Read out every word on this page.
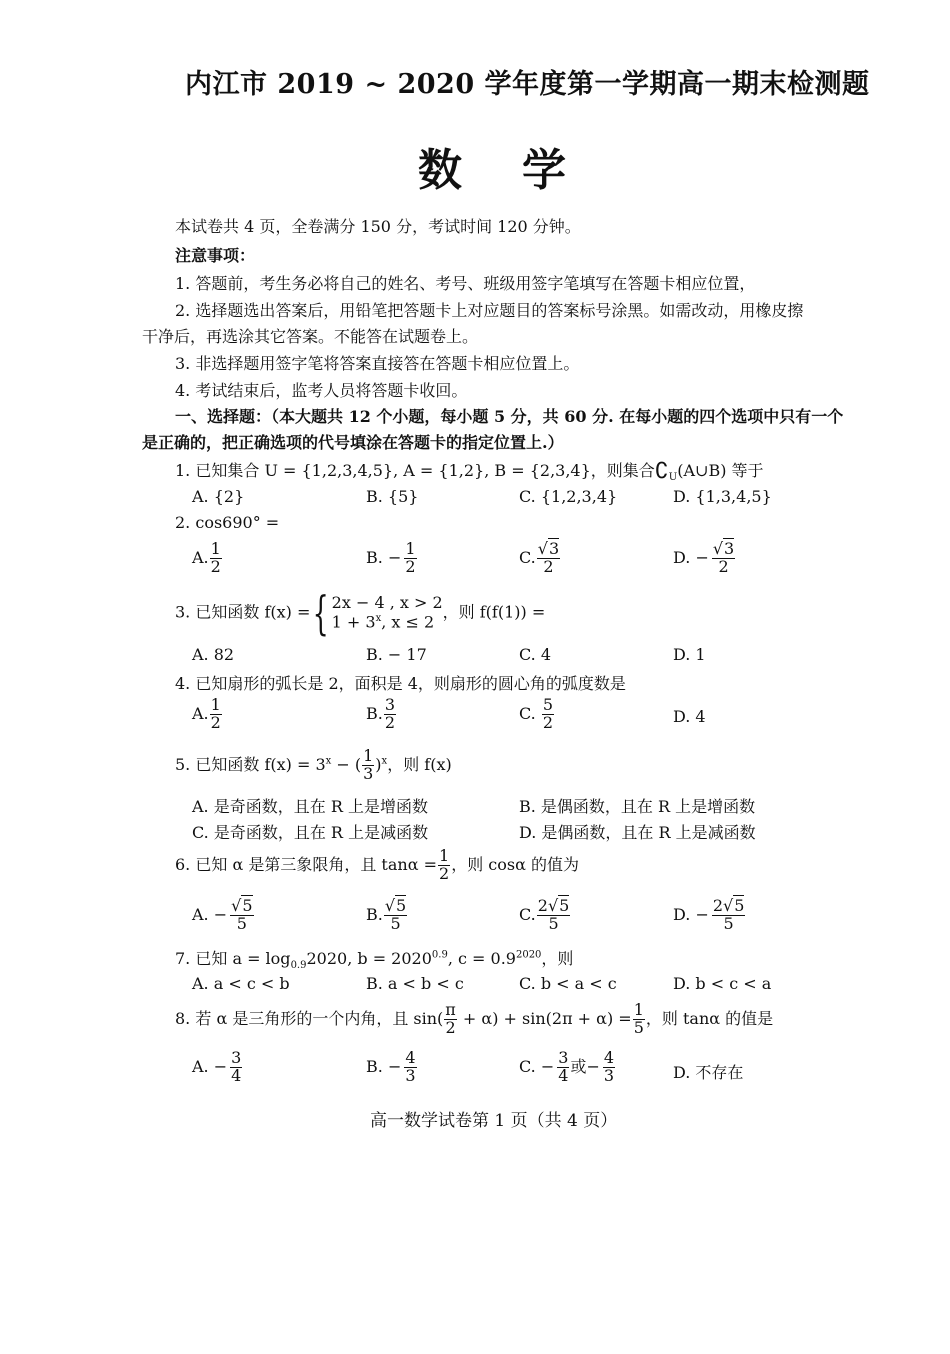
内江市 2019 ~ 2020 学年度第一学期高一期末检测题
数学
本试卷共 4 页，全卷满分 150 分，考试时间 120 分钟。
注意事项：
1. 答题前，考生务必将自己的姓名、考号、班级用签字笔填写在答题卡相应位置，
2. 选择题选出答案后，用铅笔把答题卡上对应题目的答案标号涂黑。如需改动，用橡皮擦
干净后，再选涂其它答案。不能答在试题卷上。
3. 非选择题用签字笔将答案直接答在答题卡相应位置上。
4. 考试结束后，监考人员将答题卡收回。
一、选择题：（本大题共 12 个小题，每小题 5 分，共 60 分. 在每小题的四个选项中只有一个
是正确的，把正确选项的代号填涂在答题卡的指定位置上.）
1. 已知集合 U = {1,2,3,4,5}, A = {1,2}, B = {2,3,4}，则集合$∁_U(A\cup B)$ 等于
A. {2}	B. {5}	C. {1,2,3,4}	D. {1,3,4,5}
2. cos690° =
A. $\frac{1}{2}$	B. − $\frac{1}{2}$	C. $\frac{√3}{2}$	D. − $\frac{√3}{2}$
3. 已知函数 f(x) ={ 2x − 4 , x > 2
$1 + 3^x$, x ≤ 2
，则 f(f(1)) =
A. 82	B. − 17	C. 4	D. 1
4. 已知扇形的弧长是 2，面积是 4，则扇形的圆心角的弧度数是
A. $\frac{1}{2}$	B. $\frac{3}{2}$	C. $\frac{5}{2}$	D. 4
5. 已知函数 $f(x) = 3^x$ − ( $\frac{1}{3} )^x$，则 f(x)
A. 是奇函数，且在 R 上是增函数	B. 是偶函数，且在 R 上是增函数
C. 是奇函数，且在 R 上是减函数	D. 是偶函数，且在 R 上是减函数
6. 已知 α 是第三象限角，且 $\tan\alpha = \frac{1}{2}$ ，则 cosα 的值为
A. − $\frac{√5}{5}$	B. $\frac{√5}{5}$	C. $\frac{2√5}{5}$	D. − $\frac{2√5}{5}$
7. 已知 $a = \log_{0.9}2020$, $b = 2020^{0.9}$, $c = 0.9^{2020}$，则
A. a < c < b	B. a < b < c	C. b < a < c	D. b < c < a
8. 若 α 是三角形的一个内角，且 $\sin( \frac{\pi}{2} + \alpha) + \sin(2\pi + \alpha) = \frac{1}{5}$ ，则 tanα 的值是
A. − $\frac{3}{4}$	B. − $\frac{4}{3}$	C. − $\frac{3}{4}$ 或− $\frac{4}{3}$	D. 不存在
高一数学试卷第 1 页（共 4 页）
